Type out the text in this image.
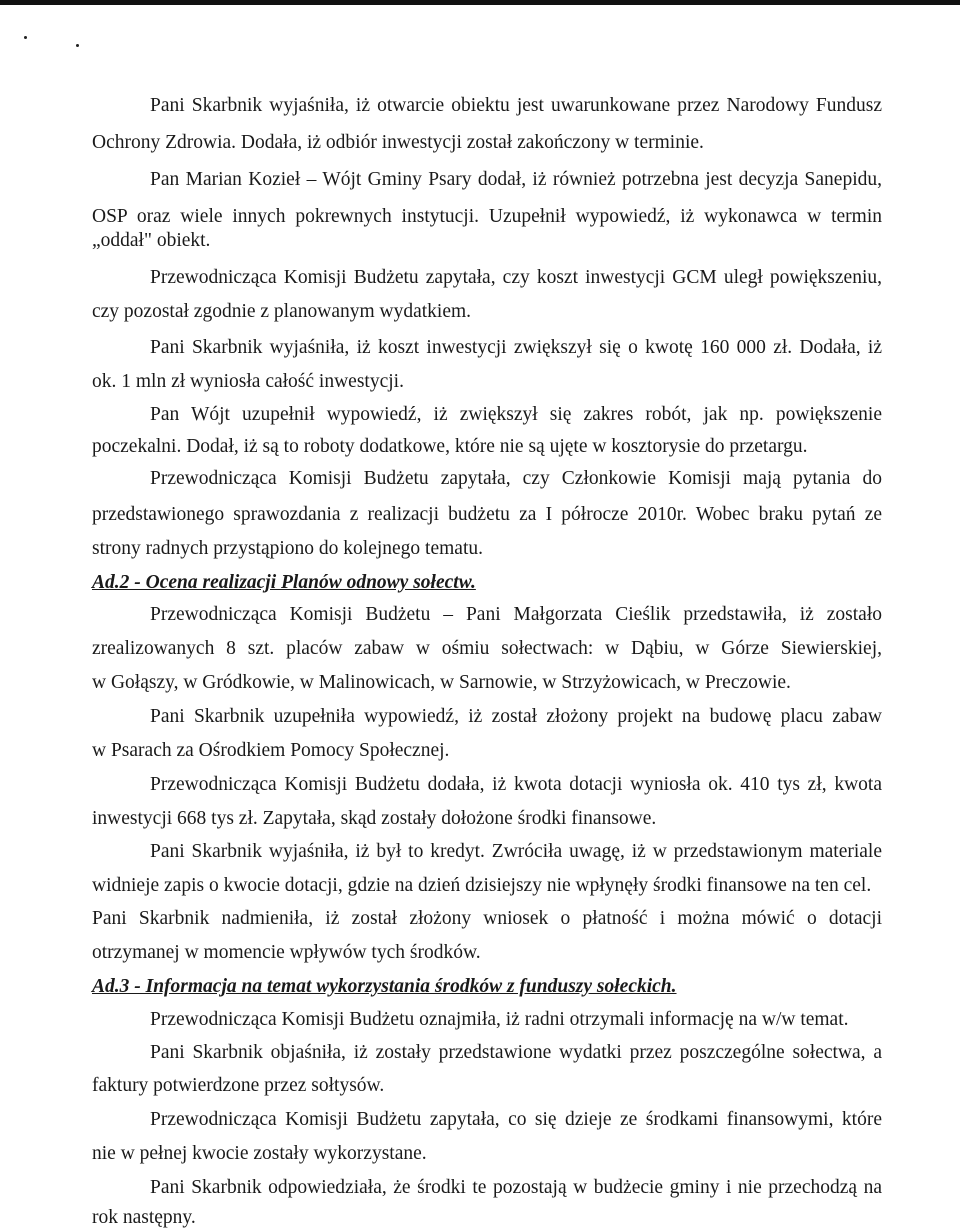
Pani Skarbnik wyjaśniła, iż otwarcie obiektu jest uwarunkowane przez Narodowy Fundusz
Ochrony Zdrowia. Dodała, iż odbiór inwestycji został zakończony w terminie.
Pan Marian Kozieł – Wójt Gminy Psary dodał, iż również potrzebna jest decyzja Sanepidu,
OSP oraz wiele innych pokrewnych instytucji. Uzupełnił wypowiedź, iż wykonawca w termin
„oddał" obiekt.
Przewodnicząca Komisji Budżetu zapytała, czy koszt inwestycji GCM uległ powiększeniu,
czy pozostał zgodnie z planowanym wydatkiem.
Pani Skarbnik wyjaśniła, iż koszt inwestycji zwiększył się o kwotę 160 000 zł. Dodała, iż
ok. 1 mln zł wyniosła całość inwestycji.
Pan Wójt uzupełnił wypowiedź, iż zwiększył się zakres robót, jak np. powiększenie
poczekalni. Dodał, iż są to roboty dodatkowe, które nie są ujęte w kosztorysie do przetargu.
Przewodnicząca Komisji Budżetu zapytała, czy Członkowie Komisji mają pytania do
przedstawionego sprawozdania z realizacji budżetu za I półrocze 2010r. Wobec braku pytań ze
strony radnych przystąpiono do kolejnego tematu.
Ad.2 - Ocena realizacji Planów odnowy sołectw.
Przewodnicząca Komisji Budżetu – Pani Małgorzata Cieślik przedstawiła, iż zostało
zrealizowanych 8 szt. placów zabaw w ośmiu sołectwach: w Dąbiu, w Górze Siewierskiej,
w Gołąszy, w Gródkowie, w Malinowicach, w Sarnowie, w Strzyżowicach, w Preczowie.
Pani Skarbnik uzupełniła wypowiedź, iż został złożony projekt na budowę placu zabaw
w Psarach za Ośrodkiem Pomocy Społecznej.
Przewodnicząca Komisji Budżetu dodała, iż kwota dotacji wyniosła ok. 410 tys zł, kwota
inwestycji 668 tys zł. Zapytała, skąd zostały dołożone środki finansowe.
Pani Skarbnik wyjaśniła, iż był to kredyt. Zwróciła uwagę, iż w przedstawionym materiale
widnieje zapis o kwocie dotacji, gdzie na dzień dzisiejszy nie wpłynęły środki finansowe na ten cel.
Pani Skarbnik nadmieniła, iż został złożony wniosek o płatność i można mówić o dotacji
otrzymanej w momencie wpływów tych środków.
Ad.3 - Informacja na temat wykorzystania środków z funduszy sołeckich.
Przewodnicząca Komisji Budżetu oznajmiła, iż radni otrzymali informację na w/w temat.
Pani Skarbnik objaśniła, iż zostały przedstawione wydatki przez poszczególne sołectwa, a
faktury potwierdzone przez sołtysów.
Przewodnicząca Komisji Budżetu zapytała, co się dzieje ze środkami finansowymi, które
nie w pełnej kwocie zostały wykorzystane.
Pani Skarbnik odpowiedziała, że środki te pozostają w budżecie gminy i nie przechodzą na
rok następny.
